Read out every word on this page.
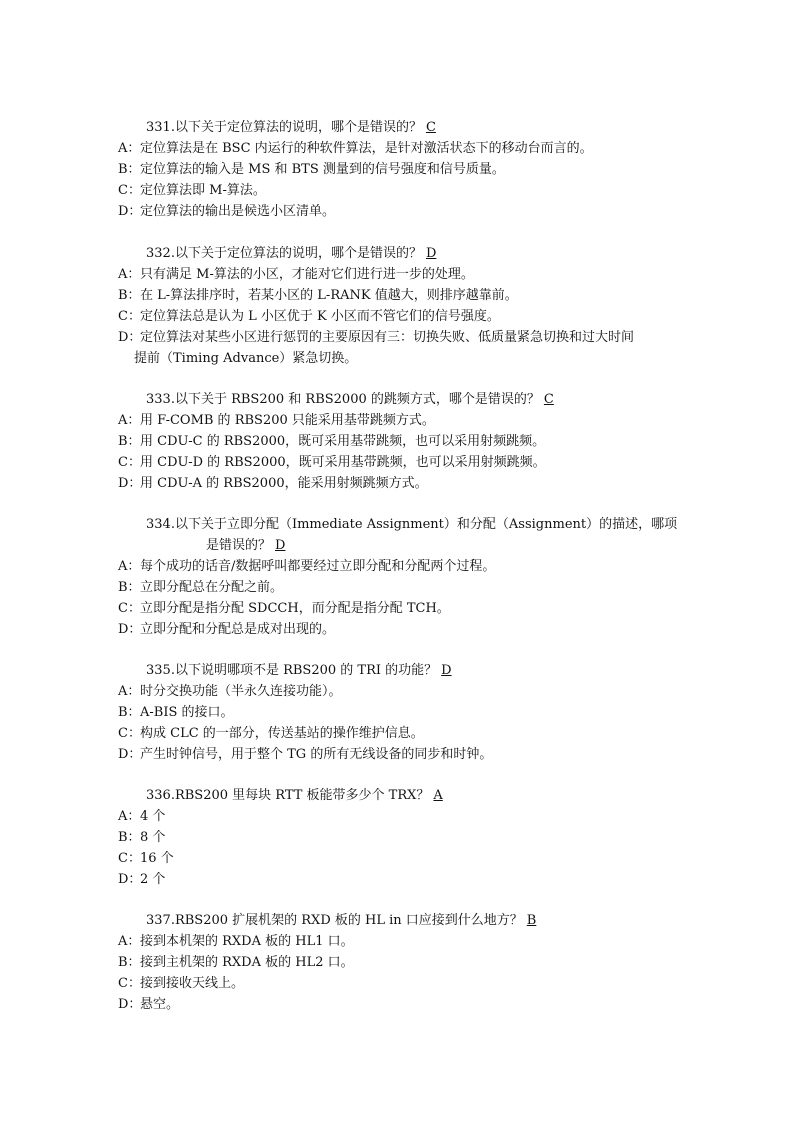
331.以下关于定位算法的说明，哪个是错误的？ C
A：定位算法是在 BSC 内运行的种软件算法，是针对激活状态下的移动台而言的。
B：定位算法的输入是 MS 和 BTS 测量到的信号强度和信号质量。
C：定位算法即 M-算法。
D：定位算法的输出是候选小区清单。
332.以下关于定位算法的说明，哪个是错误的？ D
A：只有满足 M-算法的小区，才能对它们进行进一步的处理。
B：在 L-算法排序时，若某小区的 L-RANK 值越大，则排序越靠前。
C：定位算法总是认为 L 小区优于 K 小区而不管它们的信号强度。
D：定位算法对某些小区进行惩罚的主要原因有三：切换失败、低质量紧急切换和过大时间
提前（Timing Advance）紧急切换。
333.以下关于 RBS200 和 RBS2000 的跳频方式，哪个是错误的？ C
A：用 F-COMB 的 RBS200 只能采用基带跳频方式。
B：用 CDU-C 的 RBS2000，既可采用基带跳频，也可以采用射频跳频。
C：用 CDU-D 的 RBS2000，既可采用基带跳频，也可以采用射频跳频。
D：用 CDU-A 的 RBS2000，能采用射频跳频方式。
334.以下关于立即分配（Immediate Assignment）和分配（Assignment）的描述，哪项
是错误的？ D
A：每个成功的话音/数据呼叫都要经过立即分配和分配两个过程。
B：立即分配总在分配之前。
C：立即分配是指分配 SDCCH，而分配是指分配 TCH。
D：立即分配和分配总是成对出现的。
335.以下说明哪项不是 RBS200 的 TRI 的功能？ D
A：时分交换功能（半永久连接功能）。
B：A-BIS 的接口。
C：构成 CLC 的一部分，传送基站的操作维护信息。
D：产生时钟信号，用于整个 TG 的所有无线设备的同步和时钟。
336.RBS200 里每块 RTT 板能带多少个 TRX？ A
A：4 个
B：8 个
C：16 个
D：2 个
337.RBS200 扩展机架的 RXD 板的 HL in 口应接到什么地方？ B
A：接到本机架的 RXDA 板的 HL1 口。
B：接到主机架的 RXDA 板的 HL2 口。
C：接到接收天线上。
D：悬空。
